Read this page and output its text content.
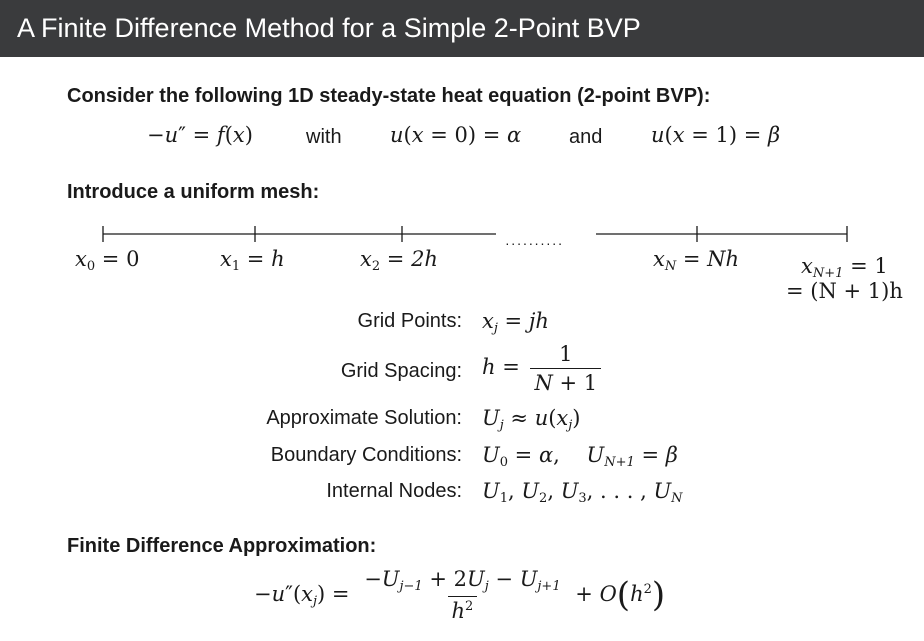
A Finite Difference Method for a Simple 2-Point BVP
Consider the following 1D steady-state heat equation (2-point BVP):
−u″ = f(x)	with u(x = 0) = α and u(x = 1) = β
Introduce a uniform mesh:
··········
$x_0 = 0$	$x_1 = h$	$x_2 = 2h$	$x_N = Nh$	$x_{N+1} = 1$
= (N + 1)h
Grid Points: $x_j$ = jh
Grid Spacing: $h = \frac{1}{N + 1}$
Approximate Solution: $U_j \approx u(x_j)$
Boundary Conditions: $U_0 = \alpha$,    $U_{N+1} = \beta$
Internal Nodes: $U_1$, $U_2$, $U_3$, . . . , $U_N$
Finite Difference Approximation:
$-u''(x_j) = \frac{-U_{j-1} + 2U_j - U_{j+1}}{h^2} + O(h^2)$
